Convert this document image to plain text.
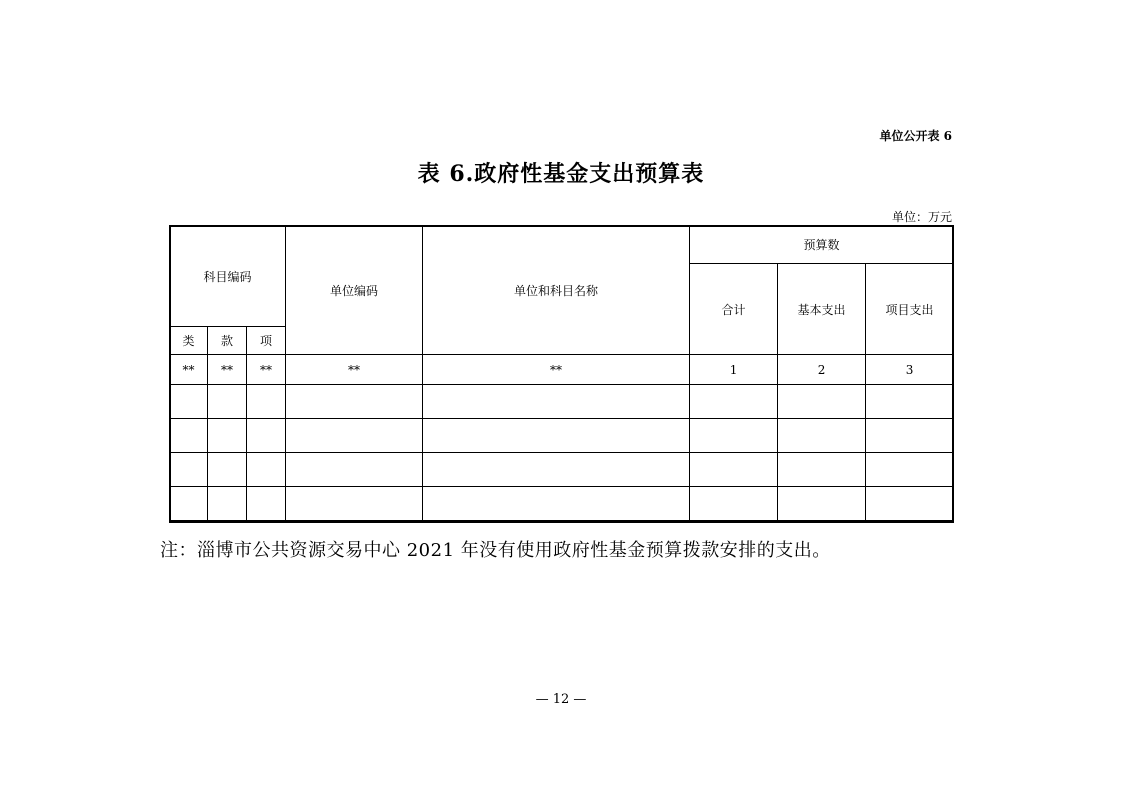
单位公开表 6
表 6.政府性基金支出预算表
单位：万元
科目编码			单位编码	单位和科目名称	预算数		
					合计	基本支出	项目支出
类	款	项					
**	**	**	**	**	1	2	3

注：淄博市公共资源交易中心 2021 年没有使用政府性基金预算拨款安排的支出。
— 12 —
